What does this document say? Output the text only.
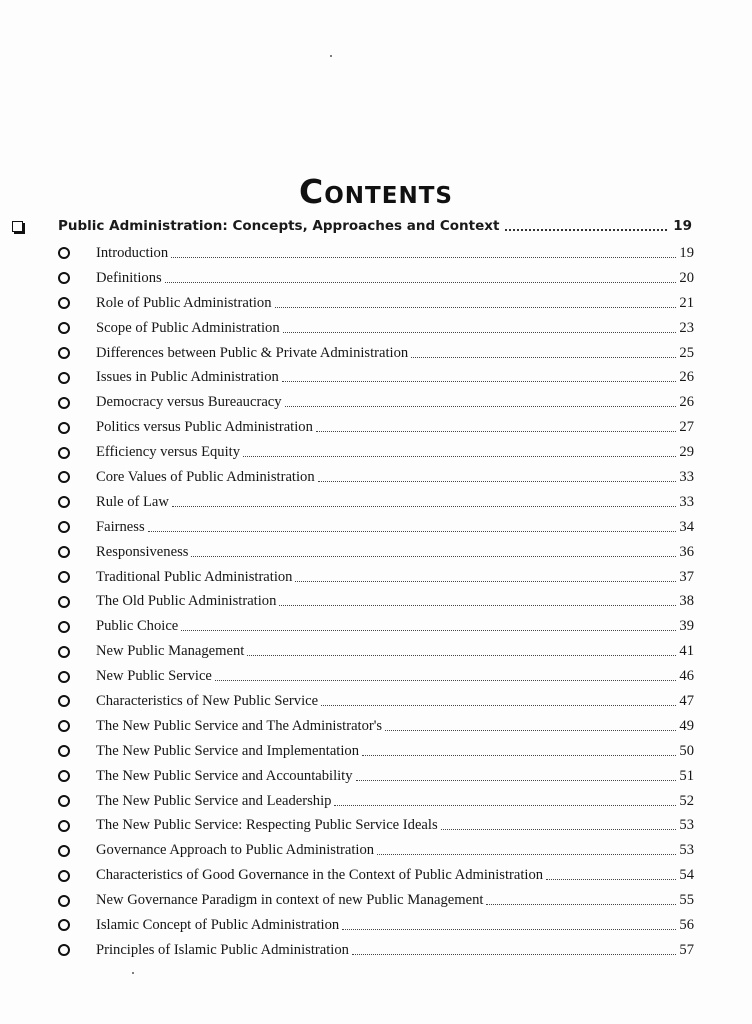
Contents
Public Administration: Concepts, Approaches and Context	19
Introduction	19
Definitions	20
Role of Public Administration	21
Scope of Public Administration	23
Differences between Public & Private Administration	25
Issues in Public Administration	26
Democracy versus Bureaucracy	26
Politics versus Public Administration	27
Efficiency versus Equity	29
Core Values of Public Administration	33
Rule of Law	33
Fairness	34
Responsiveness	36
Traditional Public Administration	37
The Old Public Administration	38
Public Choice	39
New Public Management	41
New Public Service	46
Characteristics of New Public Service	47
The New Public Service and The Administrator's	49
The New Public Service and Implementation	50
The New Public Service and Accountability	51
The New Public Service and Leadership	52
The New Public Service: Respecting Public Service Ideals	53
Governance Approach to Public Administration	53
Characteristics of Good Governance in the Context of Public Administration	54
New Governance Paradigm in context of new Public Management	55
Islamic Concept of Public Administration	56
Principles of Islamic Public Administration	57
